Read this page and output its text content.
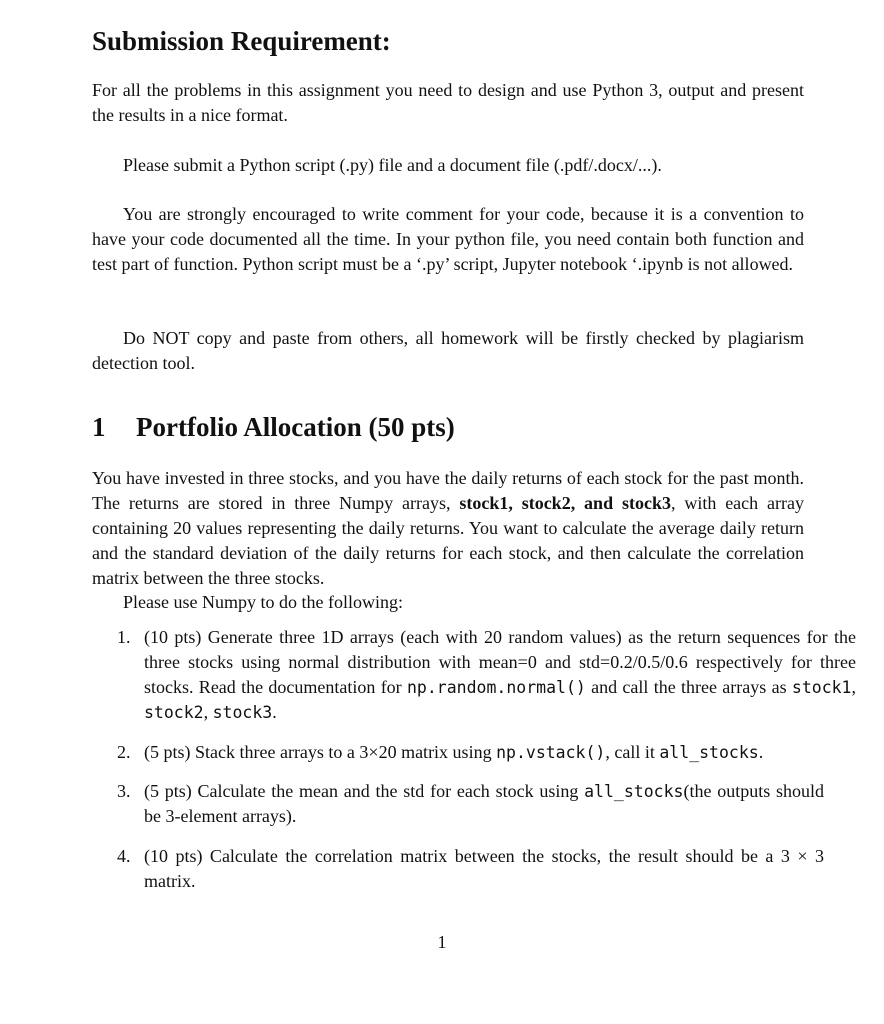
Submission Requirement:

For all the problems in this assignment you need to design and use Python 3, output and present the results in a nice format.

Please submit a Python script (.py) file and a document file (.pdf/.docx/...).

You are strongly encouraged to write comment for your code, because it is a convention to have your code documented all the time. In your python file, you need contain both function and test part of function. Python script must be a ‘.py’ script, Jupyter notebook ‘.ipynb is not allowed.

Do NOT copy and paste from others, all homework will be firstly checked by plagiarism detection tool.

1 Portfolio Allocation (50 pts)

You have invested in three stocks, and you have the daily returns of each stock for the past month. The returns are stored in three Numpy arrays, stock1, stock2, and stock3, with each array containing 20 values representing the daily returns. You want to calculate the average daily return and the standard deviation of the daily returns for each stock, and then calculate the correlation matrix between the three stocks.

Please use Numpy to do the following:

1. (10 pts) Generate three 1D arrays (each with 20 random values) as the return sequences for the three stocks using normal distribution with mean=0 and std=0.2/0.5/0.6 respectively for three stocks. Read the documentation for np.random.normal() and call the three arrays as stock1, stock2, stock3.
2. (5 pts) Stack three arrays to a 3×20 matrix using np.vstack(), call it all_stocks.
3. (5 pts) Calculate the mean and the std for each stock using all_stocks(the outputs should be 3-element arrays).
4. (10 pts) Calculate the correlation matrix between the stocks, the result should be a 3 × 3 matrix.
1
